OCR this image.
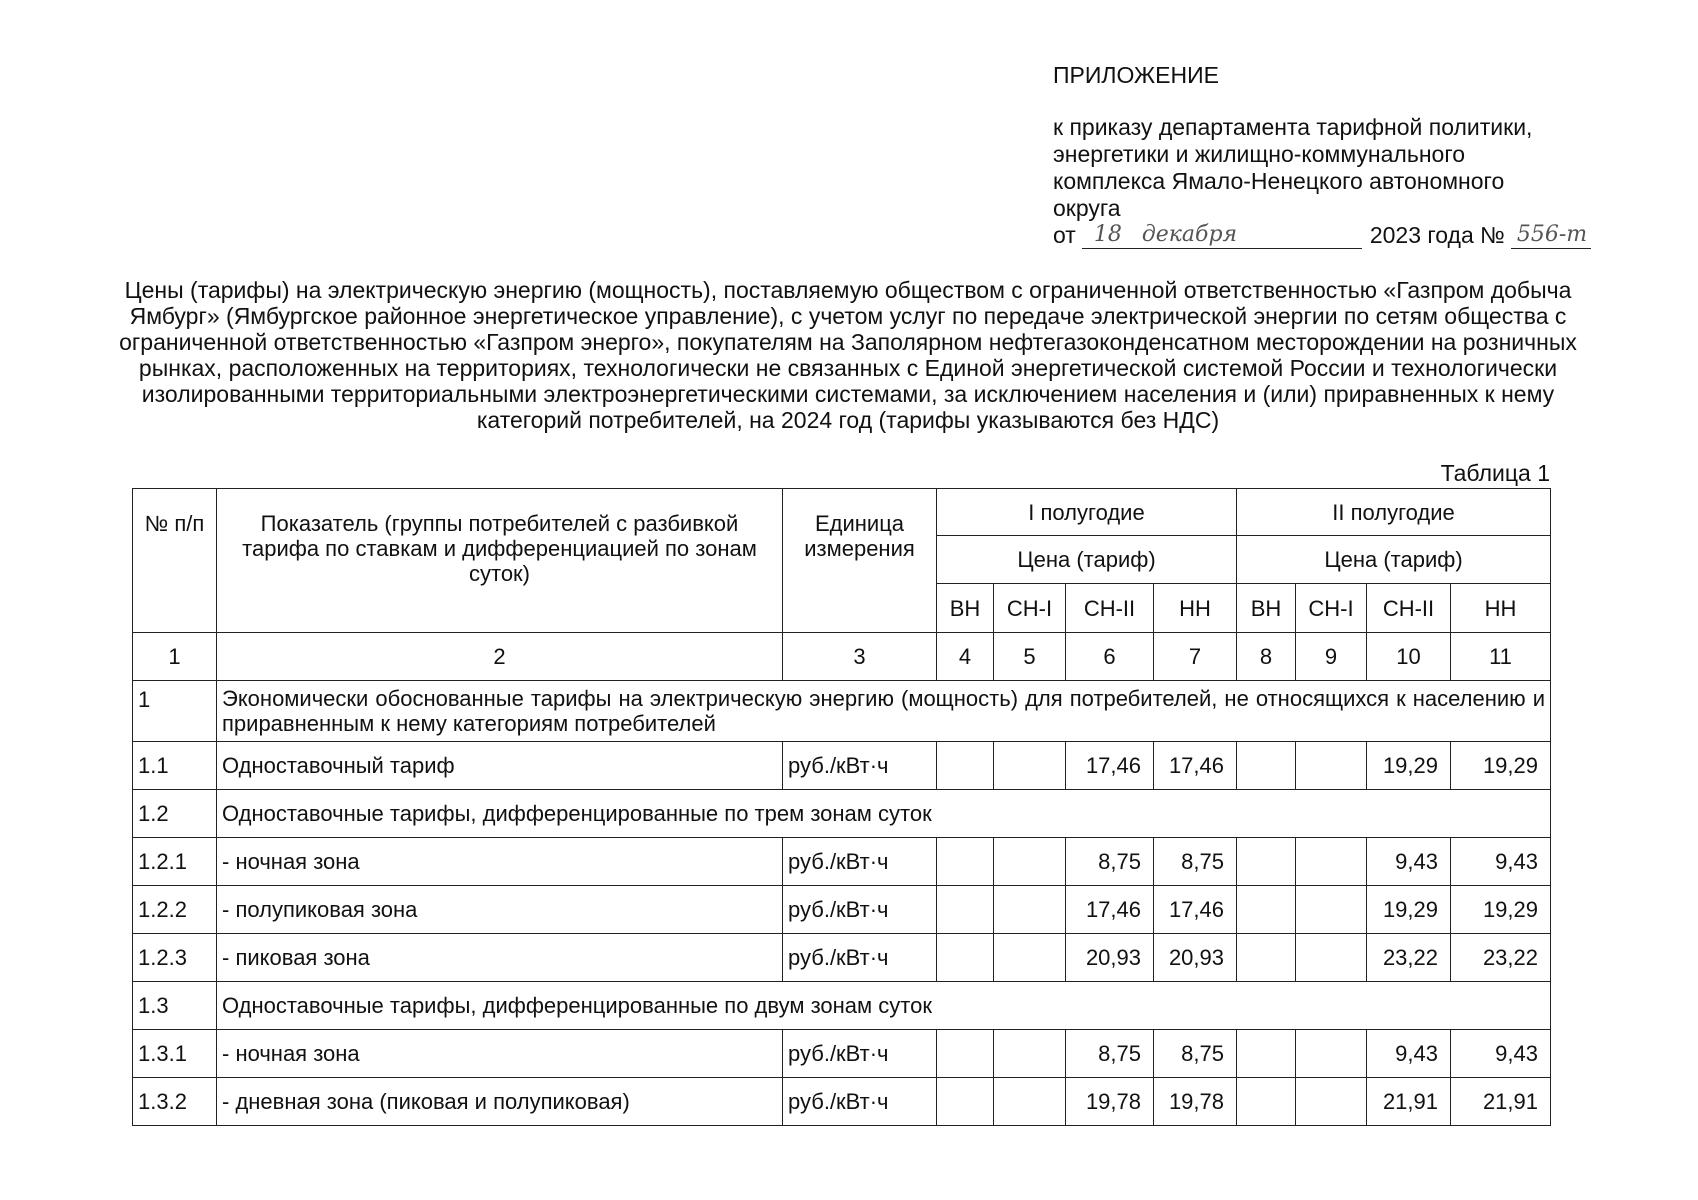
ПРИЛОЖЕНИЕ
к приказу департамента тарифной политики,
энергетики и жилищно-коммунального
комплекса Ямало-Ненецкого автономного
округа
от 18 декабря	2023 года № 556-т
Цены (тарифы) на электрическую энергию (мощность), поставляемую обществом с ограниченной ответственностью «Газпром добыча Ямбург» (Ямбургское районное энергетическое управление), с учетом услуг по передаче электрической энергии по сетям общества с ограниченной ответственностью «Газпром энерго», покупателям на Заполярном нефтегазоконденсатном месторождении на розничных рынках, расположенных на территориях, технологически не связанных с Единой энергетической системой России и технологически изолированными территориальными электроэнергетическими системами, за исключением населения и (или) приравненных к нему категорий потребителей, на 2024 год (тарифы указываются без НДС)
Таблица 1
№ п/п	Показатель (группы потребителей с разбивкой тарифа по ставкам и дифференциацией по зонам суток)	Единица измерения	I полугодие				II полугодие			
			Цена (тариф)				Цена (тариф)			
			ВН	СН-I	СН-II	НН	ВН	СН-I	СН-II	НН
1	2	3	4	5	6	7	8	9	10	11
1	Экономически обоснованные тарифы на электрическую энергию (мощность) для потребителей, не относящихся к населению и приравненным к нему категориям потребителей									
1.1	Одноставочный тариф	руб./кВт·ч			17,46	17,46			19,29	19,29
1.2	Одноставочные тарифы, дифференцированные по трем зонам суток									
1.2.1	- ночная зона	руб./кВт·ч			8,75	8,75			9,43	9,43
1.2.2	- полупиковая зона	руб./кВт·ч			17,46	17,46			19,29	19,29
1.2.3	- пиковая зона	руб./кВт·ч			20,93	20,93			23,22	23,22
1.3	Одноставочные тарифы, дифференцированные по двум зонам суток									
1.3.1	- ночная зона	руб./кВт·ч			8,75	8,75			9,43	9,43
1.3.2	- дневная зона (пиковая и полупиковая)	руб./кВт·ч			19,78	19,78			21,91	21,91
